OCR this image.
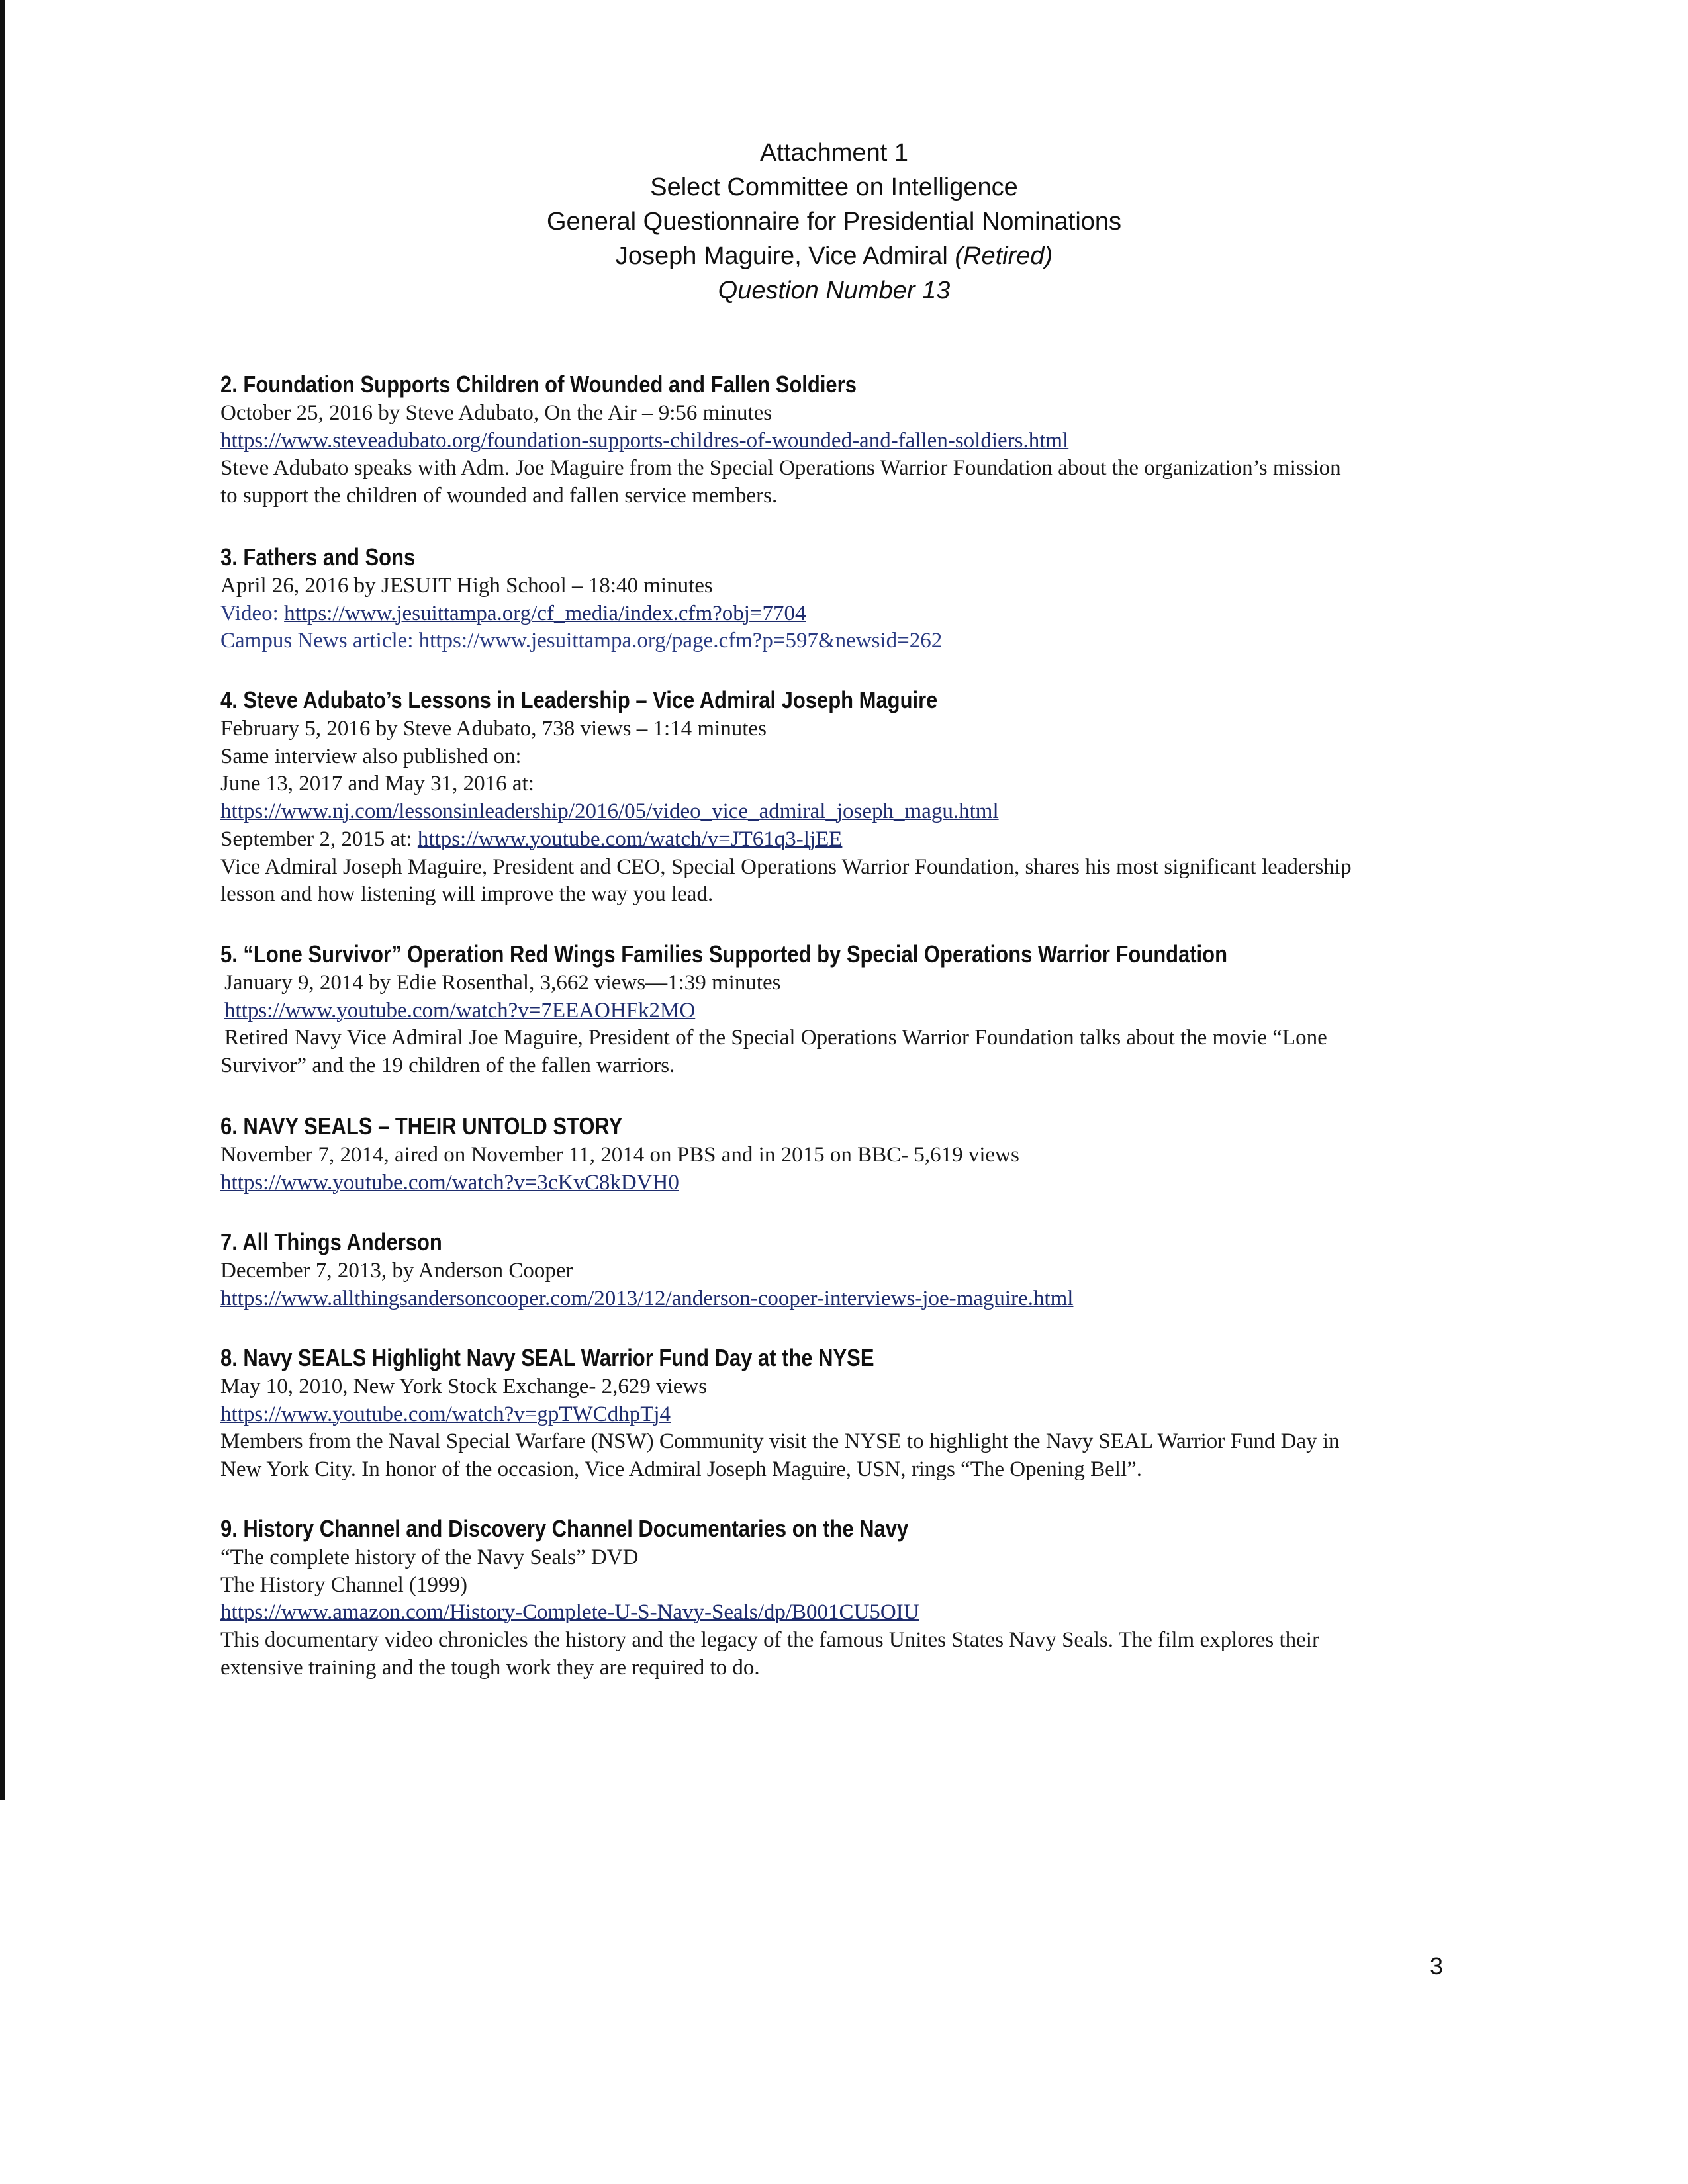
Attachment 1
Select Committee on Intelligence
General Questionnaire for Presidential Nominations
Joseph Maguire, Vice Admiral (Retired)
Question Number 13
2. Foundation Supports Children of Wounded and Fallen Soldiers
October 25, 2016 by Steve Adubato, On the Air – 9:56 minutes
https://www.steveadubato.org/foundation-supports-childres-of-wounded-and-fallen-soldiers.html
Steve Adubato speaks with Adm. Joe Maguire from the Special Operations Warrior Foundation about the organization’s mission
to support the children of wounded and fallen service members.
3. Fathers and Sons
April 26, 2016 by JESUIT High School – 18:40 minutes
Video: https://www.jesuittampa.org/cf_media/index.cfm?obj=7704
Campus News article: https://www.jesuittampa.org/page.cfm?p=597&newsid=262
4. Steve Adubato’s Lessons in Leadership – Vice Admiral Joseph Maguire
February 5, 2016 by Steve Adubato, 738 views – 1:14 minutes
Same interview also published on:
June 13, 2017 and May 31, 2016 at:
https://www.nj.com/lessonsinleadership/2016/05/video_vice_admiral_joseph_magu.html
September 2, 2015 at: https://www.youtube.com/watch/v=JT61q3-ljEE
Vice Admiral Joseph Maguire, President and CEO, Special Operations Warrior Foundation, shares his most significant leadership
lesson and how listening will improve the way you lead.
5. “Lone Survivor” Operation Red Wings Families Supported by Special Operations Warrior Foundation
January 9, 2014 by Edie Rosenthal, 3,662 views—1:39 minutes
https://www.youtube.com/watch?v=7EEAOHFk2MO
Retired Navy Vice Admiral Joe Maguire, President of the Special Operations Warrior Foundation talks about the movie “Lone
Survivor” and the 19 children of the fallen warriors.
6. NAVY SEALS – THEIR UNTOLD STORY
November 7, 2014, aired on November 11, 2014 on PBS and in 2015 on BBC- 5,619 views
https://www.youtube.com/watch?v=3cKvC8kDVH0
7. All Things Anderson
December 7, 2013, by Anderson Cooper
https://www.allthingsandersoncooper.com/2013/12/anderson-cooper-interviews-joe-maguire.html
8. Navy SEALS Highlight Navy SEAL Warrior Fund Day at the NYSE
May 10, 2010, New York Stock Exchange- 2,629 views
https://www.youtube.com/watch?v=gpTWCdhpTj4
Members from the Naval Special Warfare (NSW) Community visit the NYSE to highlight the Navy SEAL Warrior Fund Day in
New York City. In honor of the occasion, Vice Admiral Joseph Maguire, USN, rings “The Opening Bell”.
9. History Channel and Discovery Channel Documentaries on the Navy
“The complete history of the Navy Seals” DVD
The History Channel (1999)
https://www.amazon.com/History-Complete-U-S-Navy-Seals/dp/B001CU5OIU
This documentary video chronicles the history and the legacy of the famous Unites States Navy Seals. The film explores their
extensive training and the tough work they are required to do.
3
